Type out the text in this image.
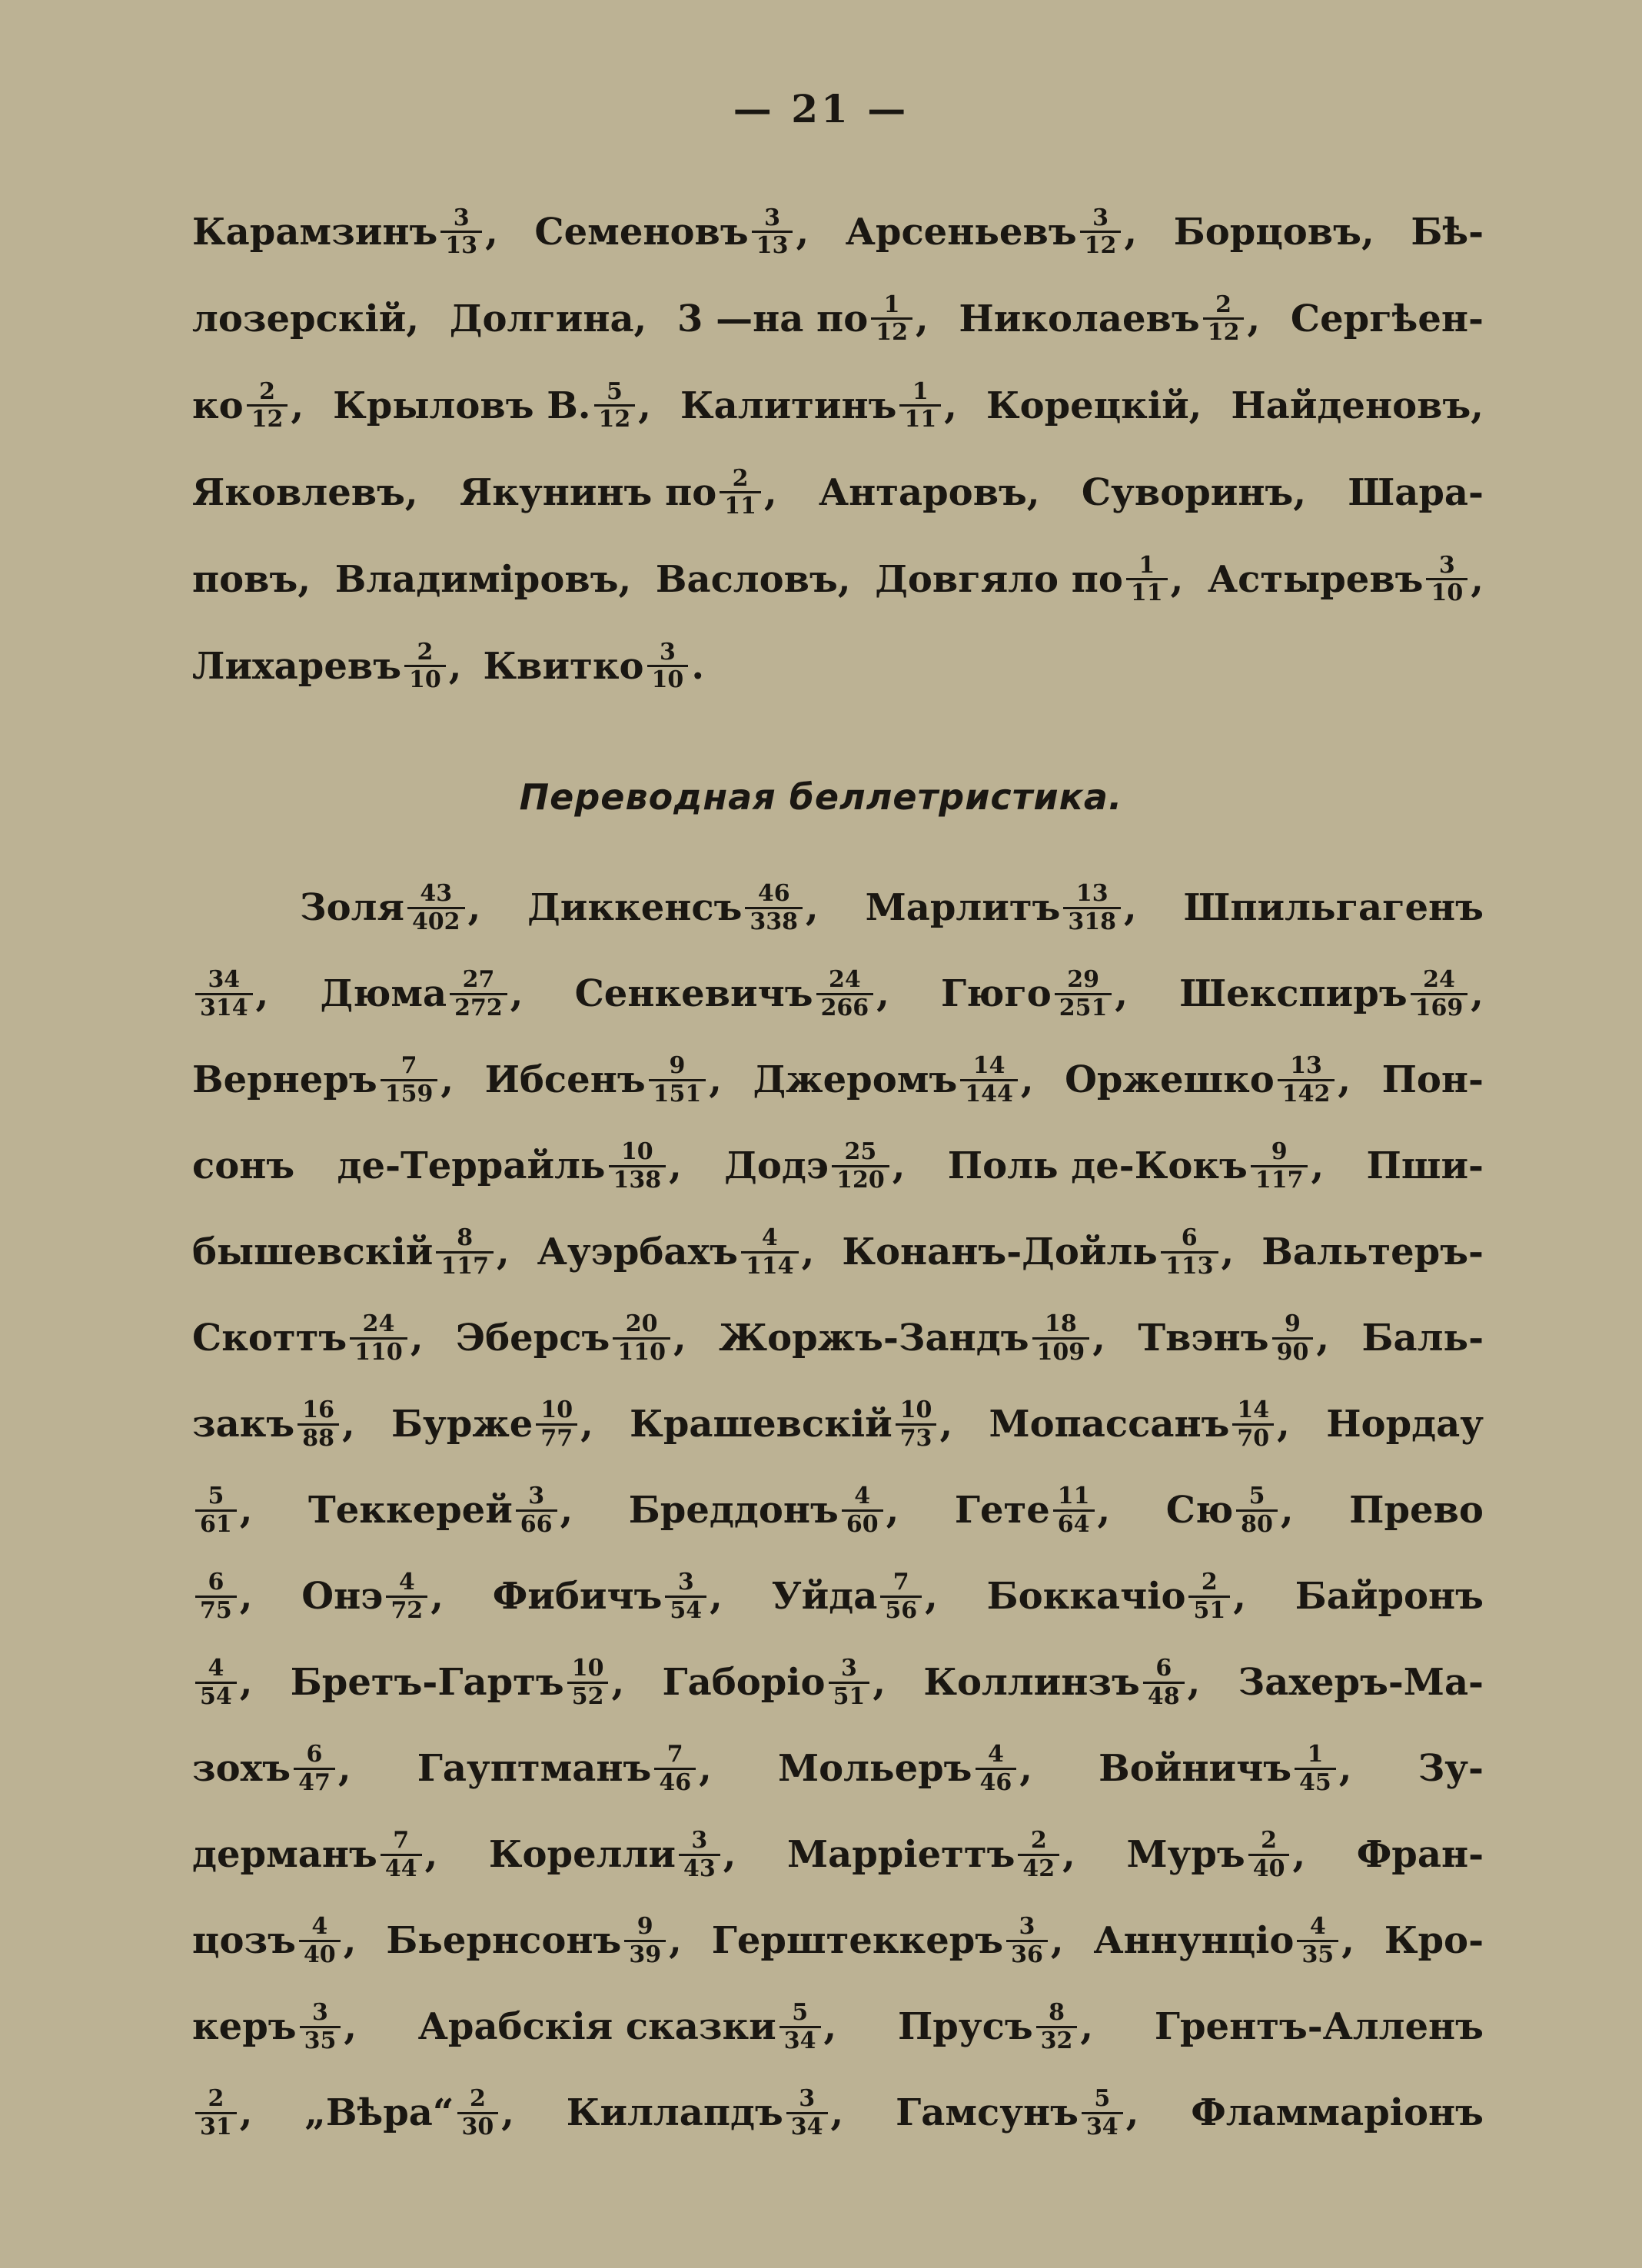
— 21 —
Карамзинъ $\frac{3}{13}$ , Семеновъ $\frac{3}{13}$ , Арсеньевъ $\frac{3}{12}$ , Борцовъ, Бѣ-
лозерскій, Долгина, 3 —на по $\frac{1}{12}$ , Николаевъ $\frac{2}{12}$ , Сергѣен-
ко $\frac{2}{12}$ , Крыловъ В. $\frac{5}{12}$ , Калитинъ $\frac{1}{11}$ , Корецкій, Найденовъ,
Яковлевъ, Якунинъ по $\frac{2}{11}$ , Антаровъ, Суворинъ, Шара-
повъ, Владиміровъ, Васловъ, Довгяло по $\frac{1}{11}$ , Астыревъ $\frac{3}{10}$ ,
Лихаревъ $\frac{2}{10}$ , Квитко $\frac{3}{10}$ .
Переводная беллетристика.
Золя $\frac{43}{402}$ , Диккенсъ $\frac{46}{338}$ , Марлитъ $\frac{13}{318}$ , Шпильгагенъ
$\frac{34}{314}$ , Дюма $\frac{27}{272}$ , Сенкевичъ $\frac{24}{266}$ , Гюго $\frac{29}{251}$ , Шекспиръ $\frac{24}{169}$ ,
Вернеръ $\frac{7}{159}$ , Ибсенъ $\frac{9}{151}$ , Джеромъ $\frac{14}{144}$ , Оржешко $\frac{13}{142}$ , Пон-
сонъ де-Террайль $\frac{10}{138}$ , Додэ $\frac{25}{120}$ , Поль де-Кокъ $\frac{9}{117}$ , Пши-
бышевскій $\frac{8}{117}$ , Ауэрбахъ $\frac{4}{114}$ , Конанъ-Дойль $\frac{6}{113}$ , Вальтеръ-
Скоттъ $\frac{24}{110}$ , Эберсъ $\frac{20}{110}$ , Жоржъ-Зандъ $\frac{18}{109}$ , Твэнъ $\frac{9}{90}$ , Баль-
закъ $\frac{16}{88}$ , Бурже $\frac{10}{77}$ , Крашевскій $\frac{10}{73}$ , Мопассанъ $\frac{14}{70}$ , Нордау
$\frac{5}{61}$ , Теккерей $\frac{3}{66}$ , Бреддонъ $\frac{4}{60}$ , Гете $\frac{11}{64}$ , Сю $\frac{5}{80}$ , Прево
$\frac{6}{75}$ , Онэ $\frac{4}{72}$ , Фибичъ $\frac{3}{54}$ , Уйда $\frac{7}{56}$ , Боккачіо $\frac{2}{51}$ , Байронъ
$\frac{4}{54}$ , Бретъ-Гартъ $\frac{10}{52}$ , Габоріо $\frac{3}{51}$ , Коллинзъ $\frac{6}{48}$ , Захеръ-Ма-
зохъ $\frac{6}{47}$ , Гауптманъ $\frac{7}{46}$ , Мольеръ $\frac{4}{46}$ , Войничъ $\frac{1}{45}$ , Зу-
дерманъ $\frac{7}{44}$ , Корелли $\frac{3}{43}$ , Марріеттъ $\frac{2}{42}$ , Муръ $\frac{2}{40}$ , Фран-
цозъ $\frac{4}{40}$ , Бьернсонъ $\frac{9}{39}$ , Герштеккеръ $\frac{3}{36}$ , Аннунціо $\frac{4}{35}$ , Кро-
керъ $\frac{3}{35}$ , Арабскія сказки $\frac{5}{34}$ , Прусъ $\frac{8}{32}$ , Грентъ-Алленъ
$\frac{2}{31}$ , „Вѣра“ $\frac{2}{30}$ , Киллапдъ $\frac{3}{34}$ , Гамсунъ $\frac{5}{34}$ , Фламмаріонъ
